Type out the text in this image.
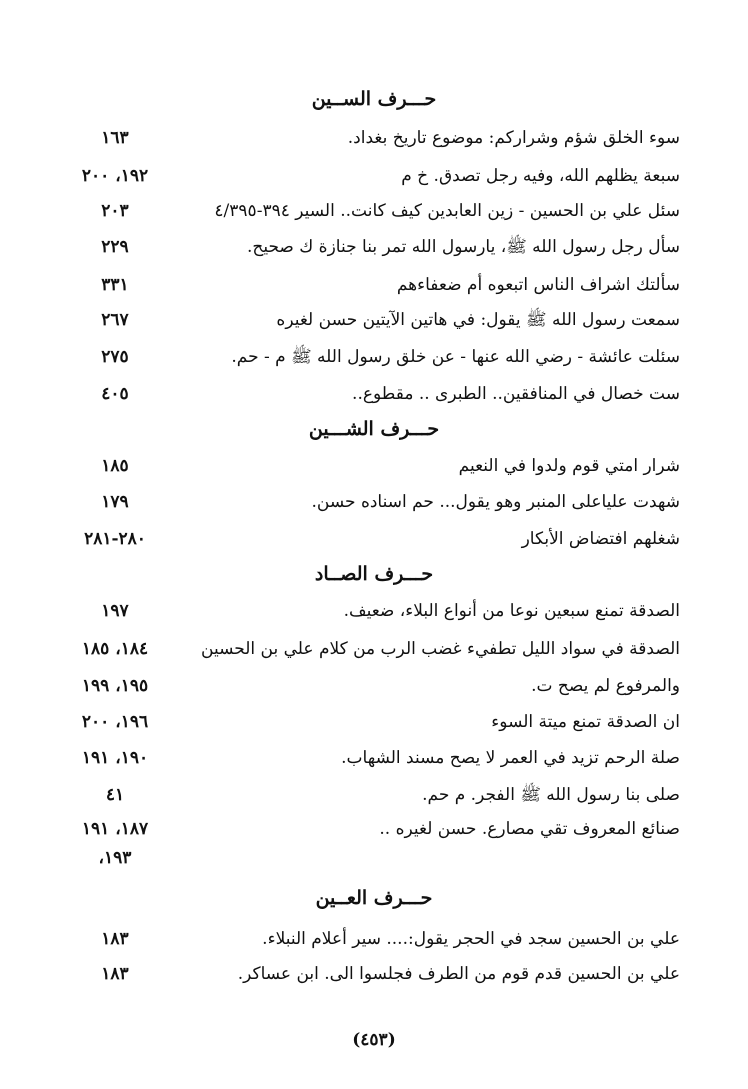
حـــرف الســين
سوء الخلق شؤم وشراركم: موضوع تاريخ بغداد.
١٦٣
سبعة يظلهم الله، وفيه رجل تصدق. خ م
١٩٢، ٢٠٠
سئل علي بن الحسين - زين العابدين كيف كانت.. السير ٣٩٤-٤/٣٩٥
٢٠٣
سأل رجل رسول الله ﷺ، يارسول الله تمر بنا جنازة ك صحيح.
٢٢٩
سألتك اشراف الناس اتبعوه أم ضعفاءهم
٣٣١
سمعت رسول الله ﷺ يقول: في هاتين الآيتين حسن لغيره
٢٦٧
سئلت عائشة - رضي الله عنها - عن خلق رسول الله ﷺ م - حم.
٢٧٥
ست خصال في المنافقين.. الطبرى .. مقطوع..
٤٠٥
حـــرف الشـــين
شرار امتي قوم ولدوا في النعيم
١٨٥
شهدت علياعلى المنبر وهو يقول... حم اسناده حسن.
١٧٩
شغلهم افتضاض الأبكار
٢٨٠-٢٨١
حـــرف الصــاد
الصدقة تمنع سبعين نوعا من أنواع البلاء، ضعيف.
١٩٧
الصدقة في سواد الليل تطفيء غضب الرب من كلام علي بن الحسين
١٨٤، ١٨٥
والمرفوع لم يصح ت.
١٩٥، ١٩٩
ان الصدقة تمنع ميتة السوء
١٩٦، ٢٠٠
صلة الرحم تزيد في العمر لا يصح مسند الشهاب.
١٩٠، ١٩١
صلى بنا رسول الله ﷺ الفجر. م حم.
٤١
صنائع المعروف تقي مصارع. حسن لغيره ..
١٨٧، ١٩١
١٩٣،
حـــرف العــين
علي بن الحسين سجد في الحجر يقول:.... سير أعلام النبلاء.
١٨٣
علي بن الحسين قدم قوم من الطرف فجلسوا الى. ابن عساكر.
١٨٣
(٤٥٣)
